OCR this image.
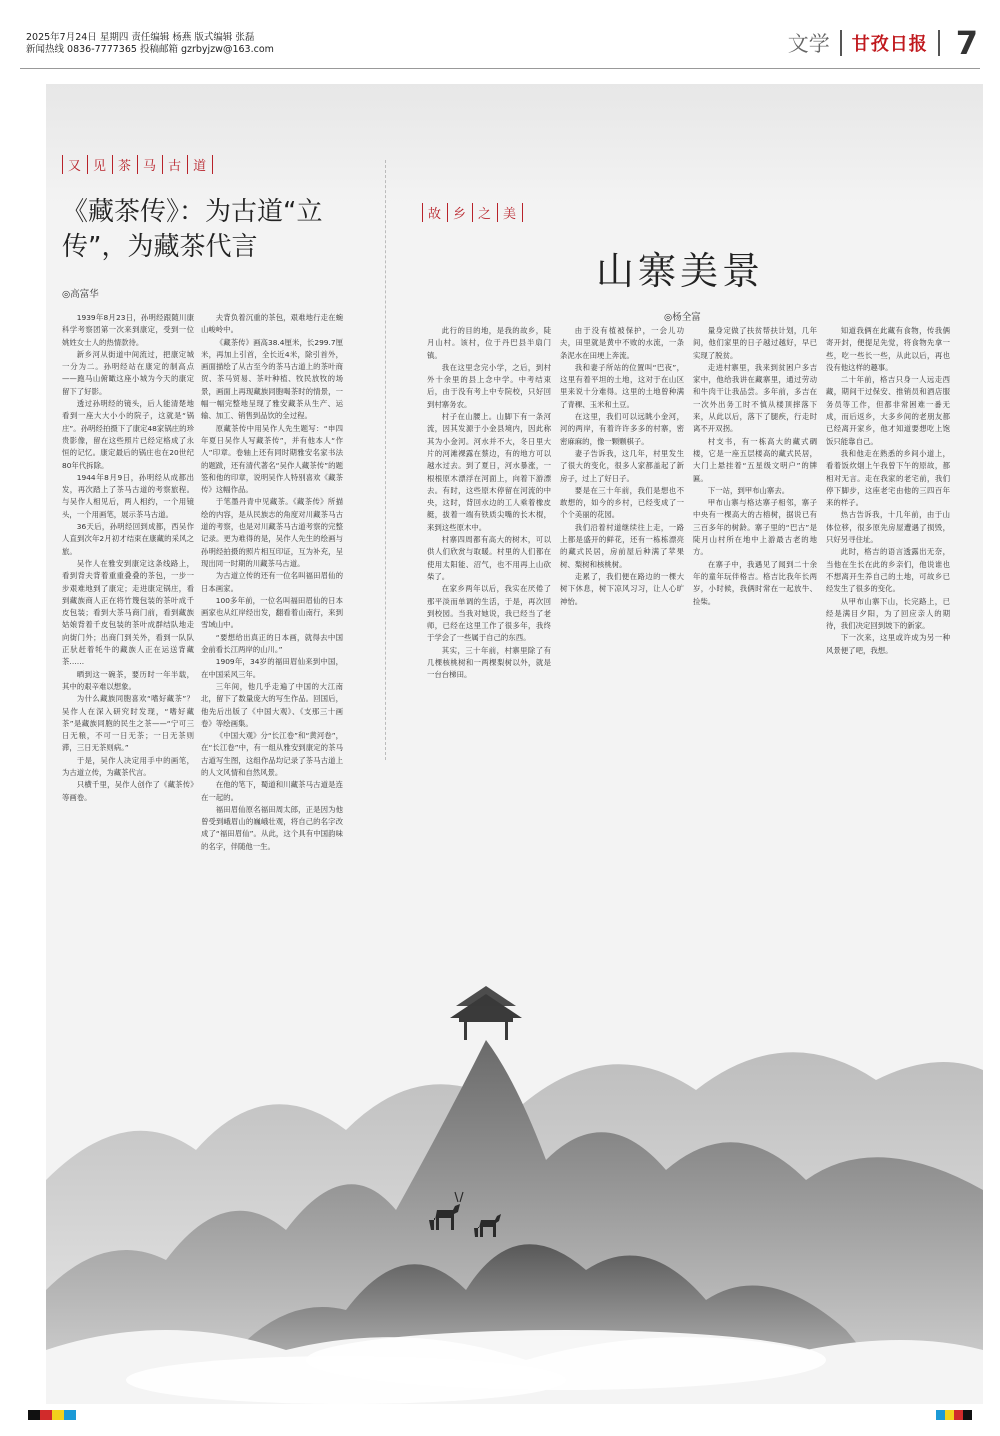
2025年7月24日 星期四 责任编辑 杨燕 版式编辑 张磊
新闻热线 0836-7777365 投稿邮箱 gzrbyjzw@163.com	文学 甘孜日报 7
又 见 茶 马 古 道
《藏茶传》：为古道“立传”，为藏茶代言
◎高富华

1939年8月23日，孙明经跟随川康科学考察团第一次来到康定，受到一位姚姓女士人的热情款待。

新乡河从街道中间流过，把康定城一分为二。孙明经站在康定的制高点——跑马山俯瞰这座小城为今天的康定留下了好影。

透过孙明经的镜头，后人能清楚地看到一座大大小小的院子，这就是“锅庄”。孙明经拍摄下了康定48家锅庄的珍贵影像，留在这些照片已经定格成了永恒的记忆。康定最后的锅庄也在20世纪80年代拆除。

1944年8月9日，孙明经从成都出发，再次踏上了茶马古道的考察旅程。与吴作人相见后，两人相约，一个用镜头，一个用画笔，展示茶马古道。

36天后，孙明经回到成都，西吴作人直到次年2月初才结束在康藏的采风之旅。

吴作人在雅安到康定这条线路上，看到背夫背着重重叠叠的茶包，一步一步艰难地到了康定；走进康定锅庄，看到藏族商人正在将竹篾包装的茶叶成千皮包装；看到大茶马商门前，看到藏族姑娘背着千皮包装的茶叶成群结队地走向街门外；出商门到关外，看到一队队正驮赶着牦牛的藏族人正在运送背藏茶……

晒到这一碗茶，要历时一年半载，其中的艰辛难以想象。

为什么藏族同胞喜欢“嗜好藏茶”？吴作人在深入研究时发现，“嗜好藏茶”是藏族同胞的民生之茶——“宁可三日无粮，不可一日无茶；一日无茶则滞，三日无茶则病。”

于是，吴作人决定用手中的画笔，为古道立传，为藏茶代言。

只横千里，吴作人创作了《藏茶传》等画卷。

夫背负着沉重的茶包，艰难地行走在蜿山峻岭中。

《藏茶传》画高38.4厘米，长299.7厘米，再加上引首，全长近4米，除引首外，画面描绘了从古至今的茶马古道上的茶叶商贸、茶马贸易、茶叶种植、牧民放牧的场景，画面上再现藏族同胞喝茶时的情景，一幅一幅完整地呈现了雅安藏茶从生产、运输、加工、销售到品饮的全过程。

原藏茶传中用吴作人先生题写：“申四年夏日吴作人写藏茶传”，并有他本人“作人”印章。卷轴上还有同时期雅安名家书法的题跋，还有清代著名“吴作人藏茶传”的题签和他的印章，说明吴作人特别喜欢《藏茶传》这幅作品。

于笔墨丹青中见藏茶。《藏茶传》所描绘的内容，是从民族志的角度对川藏茶马古道的考察，也是对川藏茶马古道考察的完整记录。更为难得的是，吴作人先生的绘画与孙明经拍摄的照片相互印证，互为补充，呈现出同一时期的川藏茶马古道。

为古道立传的还有一位名叫福田眉仙的日本画家。

100多年前，一位名叫福田眉仙的日本画家也从红岸经出发，翻看着山南行，来到雪域山中。

“要想给出真正的日本画，就得去中国金前看长江两岸的山川。”

1909年，34岁的福田眉仙来到中国，在中国采风三年。

三年间，他几乎走遍了中国的大江南北，留下了数量庞大的写生作品。回国后，他先后出版了《中国大观》、《支那三十画卷》等绘画集。

《中国大观》分“长江卷”和“黄河卷”，在“长江卷”中，有一组从雅安到康定的茶马古道写生图，这组作品均记录了茶马古道上的人文风情和自然风景。

在他的笔下，蜀道和川藏茶马古道是连在一起的。

福田眉仙原名福田周太郎，正是因为他曾受到峨眉山的巍峨壮观，将自己的名字改成了“福田眉仙”。从此，这个具有中国韵味的名字，伴随他一生。

故 乡 之 美
山寨美景
◎杨全富

此行的目的地，是我的故乡，陡月山村。该村，位于丹巴县半扇门镇。

我在这里念完小学，之后，到村外十余里的县上念中学。中考结束后，由于没有考上中专院校，只好回到村寨务农。

村子在山腰上。山脚下有一条河流，因其发源于小金县境内，因此称其为小金河。河水并不大，冬日里大片的河滩裸露在蔡边，有的地方可以越水过去。到了夏日，河水暴涨，一根根原木漂浮在河面上，向着下游漂去。有时，这些原木停留在河流的中央，这时，背回水边的工人乘着橡皮艇，拔着一端有铁质尖嘴的长木棍，来到这些原木中。

村寨四周都有高大的树木，可以供人们欣赏与取暖。村里的人们都在使用太阳能、沼气，也不用再上山砍柴了。

在家乡两年以后，我实在厌倦了那平淡而单调的生活，于是，再次回到校园。当我对她说，我已经当了老师，已经在这里工作了很多年，我终于学会了一些属于自己的东西。

其实，三十年前，村寨里除了有几棵核桃树和一两棵梨树以外，就是一台台梯田。

由于没有植被保护，一会儿功夫，田里就是黄中不败的水流，一条条泥水在田埂上奔流。

我和妻子所站的位置叫“巴夜”，这里有着平坦的土地，这对于在山区里来说十分难得。这里的土地曾种满了青稞、玉米和土豆。

在这里，我们可以远眺小金河，河的两岸，有着许许多多的村寨，密密麻麻的，像一颗颗棋子。

妻子告诉我，这几年，村里发生了很大的变化，很多人家都盖起了新房子，过上了好日子。

要是在三十年前，我们是想也不敢想的，如今的乡村，已经变成了一个个美丽的花园。

我们沿着村道继续往上走，一路上都是盛开的鲜花，还有一栋栋漂亮的藏式民居，房前屋后种满了苹果树、梨树和核桃树。

走累了，我们便在路边的一棵大树下休息，树下凉风习习，让人心旷神怡。

量身定做了扶贫帮扶计划，几年间，他们家里的日子越过越好，早已实现了脱贫。

走进村寨里，我来到贫困户多吉家中，他给我讲在藏寨里，通过劳动和牛肉干让我品尝。多年前，多吉在一次外出务工时不慎从楼顶摔落下来，从此以后，落下了腿疾，行走时离不开双拐。

村支书，有一栋高大的藏式碉楼，它是一座五层楼高的藏式民居，大门上悬挂着“五星级文明户”的牌匾。

下一站，到甲布山寨去。

甲布山寨与格达寨子相邻，寨子中央有一棵高大的古榕树，据说已有三百多年的树龄。寨子里的“巴古”是陡月山村所在地中上游最古老的地方。

在寨子中，我遇见了闻到二十余年的童年玩伴格吉。格吉比我年长两岁，小时候，我俩时常在一起放牛、捡柴。

知道我俩在此藏有食物，传我俩寄开封，便提足先觉，将食物先拿一些，吃一些长一些，从此以后，再也没有他这样的趣事。

二十年前，格吉只身一人远走西藏，期间干过保安、推销员和酒店服务员等工作，但都非常困难一番无成，而后返乡，大多乡间的老朋友都已经离开家乡，他才知道要想吃上饱饭只能靠自己。

我和他走在熟悉的乡间小道上，看着饭炊烟上午我曾下午的原故，都相对无言。走在我家的老宅前，我们停下脚步，这座老宅由他的三四百年来的样子。

热古告诉我，十几年前，由于山体位移，很多原先房屋遭遇了损毁，只好另寻住址。

此时，格吉的语言透露出无奈，当他在生长在此的乡亲们，他说谁也不想离开生养自己的土地，可故乡已经发生了很多的变化。

从甲布山寨下山，长完路上，已经是满目夕阳，为了回应亲人的期待，我们决定回到坡下的新家。

下一次来，这里或许成为另一种风景便了吧，我想。
